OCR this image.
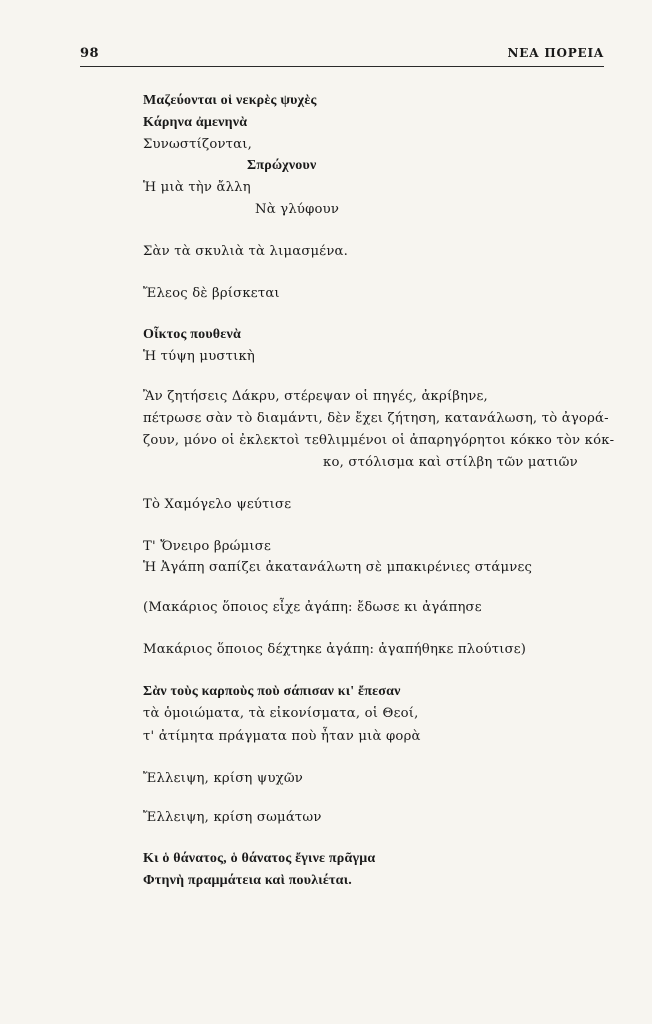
98	ΝΕΑ ΠΟΡΕΙΑ
Μαζεύονται οἱ νεκρὲς ψυχὲς
Κάρηνα ἀμενηνὰ
Συνωστίζονται,
Σπρώχνουν
Ἡ μιὰ τὴν ἄλλη
Νὰ γλύφουν
Σὰν τὰ σκυλιὰ τὰ λιμασμένα.
Ἔλεος δὲ βρίσκεται
Οἶκτος πουθενὰ
Ἡ τύψη μυστικὴ
Ἂν ζητήσεις Δάκρυ, στέρεψαν οἱ πηγές, ἀκρίβηνε,
πέτρωσε σὰν τὸ διαμάντι, δὲν ἔχει ζήτηση, κατανάλωση, τὸ ἀγορά-
ζουν, μόνο οἱ ἐκλεκτοὶ τεθλιμμένοι οἱ ἀπαρηγόρητοι κόκκο τὸν κόκ-
κο, στόλισμα καὶ στίλβη τῶν ματιῶν
Τὸ Χαμόγελο ψεύτισε
Τ' Ὄνειρο βρώμισε
Ἡ Ἀγάπη σαπίζει ἀκατανάλωτη σὲ μπακιρένιες στάμνες
(Μακάριος ὅποιος εἶχε ἀγάπη: ἔδωσε κι ἀγάπησε
Μακάριος ὅποιος δέχτηκε ἀγάπη: ἀγαπήθηκε πλούτισε)
Σὰν τοὺς καρποὺς ποὺ σάπισαν κι' ἔπεσαν
τὰ ὁμοιώματα, τὰ εἰκονίσματα, οἱ Θεοί,
τ' ἀτίμητα πράγματα ποὺ ἦταν μιὰ φορὰ
Ἔλλειψη, κρίση ψυχῶν
Ἔλλειψη, κρίση σωμάτων
Κι ὁ θάνατος, ὁ θάνατος ἔγινε πρᾶγμα
Φτηνὴ πραμμάτεια καὶ πουλιέται.
